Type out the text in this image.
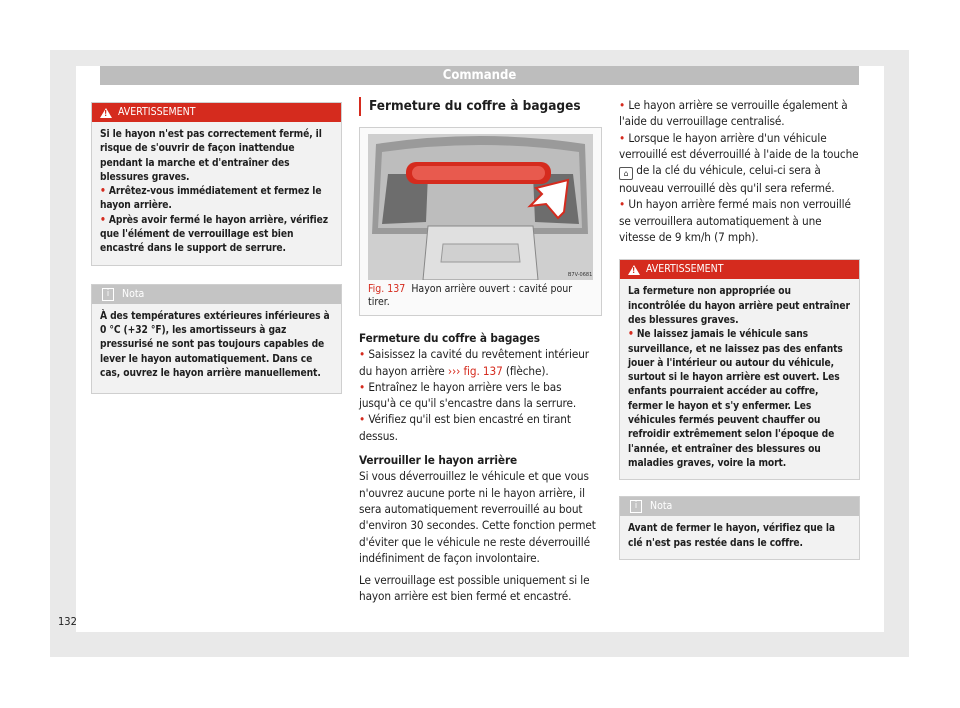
Commande
!
AVERTISSEMENT

Si le hayon n'est pas correctement fermé, il risque de s'ouvrir de façon inattendue pendant la marche et d'entraîner des blessures graves.

• Arrêtez-vous immédiatement et fermez le hayon arrière.

• Après avoir fermé le hayon arrière, vérifiez que l'élément de verrouillage est bien encastré dans le support de serrure.

i	Nota

À des températures extérieures inférieures à 0 °C (+32 °F), les amortisseurs à gaz pressurisé ne sont pas toujours capables de lever le hayon automatiquement. Dans ce cas, ouvrez le hayon arrière manuellement.

Fermeture du coffre à bagages
B7V-0681
Fig. 137 Hayon arrière ouvert : cavité pour tirer.

Fermeture du coffre à bagages

• Saisissez la cavité du revêtement intérieur du hayon arrière ››› fig. 137 (flèche).

• Entraînez le hayon arrière vers le bas jusqu'à ce qu'il s'encastre dans la serrure.

• Vérifiez qu'il est bien encastré en tirant dessus.

Verrouiller le hayon arrière

Si vous déverrouillez le véhicule et que vous n'ouvrez aucune porte ni le hayon arrière, il sera automatiquement reverrouillé au bout d'environ 30 secondes. Cette fonction permet d'éviter que le véhicule ne reste déverrouillé indéfiniment de façon involontaire.

Le verrouillage est possible uniquement si le hayon arrière est bien fermé et encastré.

• Le hayon arrière se verrouille également à l'aide du verrouillage centralisé.

• Lorsque le hayon arrière d'un véhicule verrouillé est déverrouillé à l'aide de la touche ⌂ de la clé du véhicule, celui-ci sera à nouveau verrouillé dès qu'il sera refermé.

• Un hayon arrière fermé mais non verrouillé se verrouillera automatiquement à une vitesse de 9 km/h (7 mph).

!
AVERTISSEMENT

La fermeture non appropriée ou incontrôlée du hayon arrière peut entraîner des blessures graves.

• Ne laissez jamais le véhicule sans surveillance, et ne laissez pas des enfants jouer à l'intérieur ou autour du véhicule, surtout si le hayon arrière est ouvert. Les enfants pourraient accéder au coffre, fermer le hayon et s'y enfermer. Les véhicules fermés peuvent chauffer ou refroidir extrêmement selon l'époque de l'année, et entraîner des blessures ou maladies graves, voire la mort.

i	Nota

Avant de fermer le hayon, vérifiez que la clé n'est pas restée dans le coffre.

132
